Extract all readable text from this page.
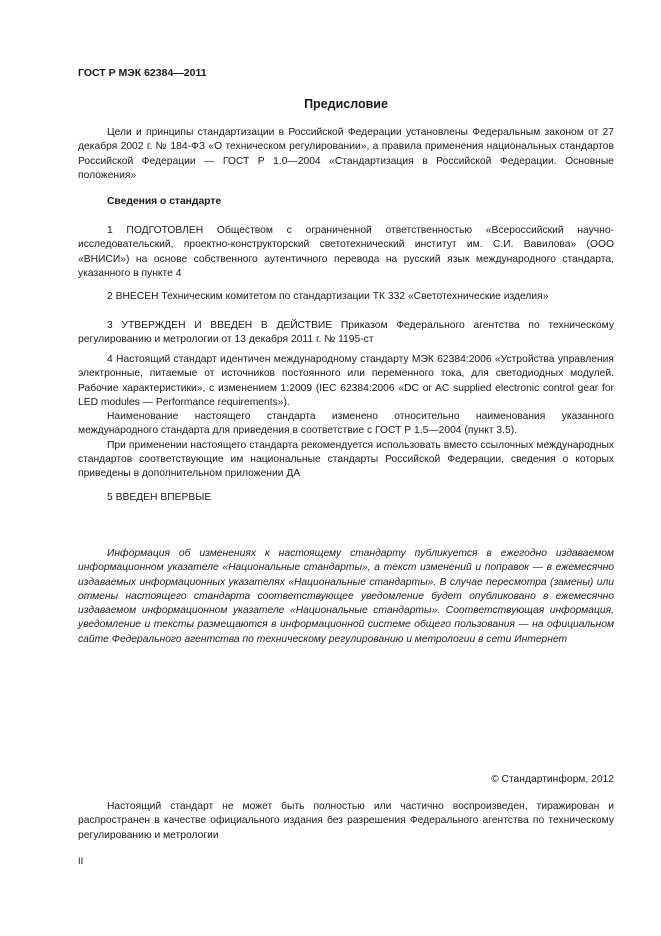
ГОСТ Р МЭК 62384—2011
Предисловие
Цели и принципы стандартизации в Российской Федерации установлены Федеральным законом от 27 декабря 2002 г. № 184-ФЗ «О техническом регулировании», а правила применения национальных стандартов Российской Федерации — ГОСТ Р 1.0—2004 «Стандартизация в Российской Федерации. Основные положения»
Сведения о стандарте
1 ПОДГОТОВЛЕН Обществом с ограниченной ответственностью «Всероссийский научно-исследовательский, проектно-конструкторский светотехнический институт им. С.И. Вавилова» (ООО «ВНИСИ») на основе собственного аутентичного перевода на русский язык международного стандарта, указанного в пункте 4
2 ВНЕСЕН Техническим комитетом по стандартизации ТК 332 «Светотехнические изделия»
3 УТВЕРЖДЕН И ВВЕДЕН В ДЕЙСТВИЕ Приказом Федерального агентства по техническому регулированию и метрологии от 13 декабря 2011 г. № 1195-ст

4 Настоящий стандарт идентичен международному стандарту МЭК 62384:2006 «Устройства управления электронные, питаемые от источников постоянного или переменного тока, для светодиодных модулей. Рабочие характеристики», с изменением 1:2009 (IEC 62384:2006 «DC or AC supplied electronic control gear for LED modules — Performance requirements»).

Наименование настоящего стандарта изменено относительно наименования указанного международного стандарта для приведения в соответствие с ГОСТ Р 1.5—2004 (пункт 3.5).

При применении настоящего стандарта рекомендуется использовать вместо ссылочных международных стандартов соответствующие им национальные стандарты Российской Федерации, сведения о которых приведены в дополнительном приложении ДА

5 ВВЕДЕН ВПЕРВЫЕ
Информация об изменениях к настоящему стандарту публикуется в ежегодно издаваемом информационном указателе «Национальные стандарты», а текст изменений и поправок — в ежемесячно издаваемых информационных указателях «Национальные стандарты». В случае пересмотра (замены) или отмены настоящего стандарта соответствующее уведомление будет опубликовано в ежемесячно издаваемом информационном указателе «Национальные стандарты». Соответствующая информация, уведомление и тексты размещаются в информационной системе общего пользования — на официальном сайте Федерального агентства по техническому регулированию и метрологии в сети Интернет
© Стандартинформ, 2012
Настоящий стандарт не может быть полностью или частично воспроизведен, тиражирован и распространен в качестве официального издания без разрешения Федерального агентства по техническому регулированию и метрологии
II
